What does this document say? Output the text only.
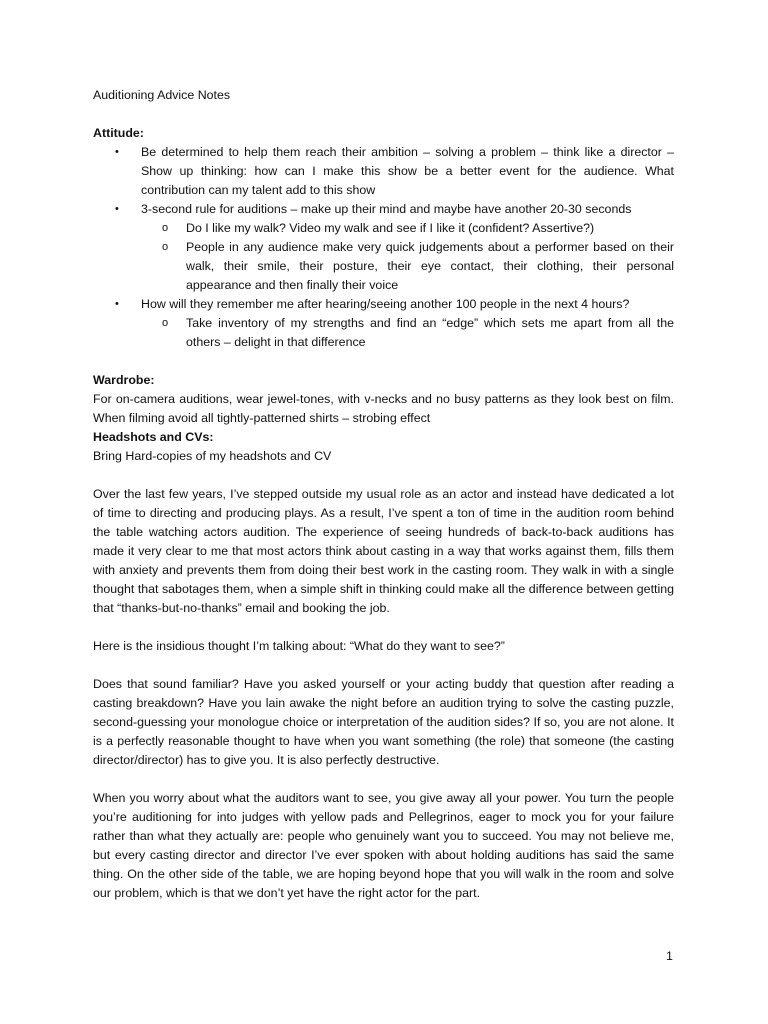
Auditioning Advice Notes

Attitude:

• Be determined to help them reach their ambition – solving a problem – think like a director – Show up thinking: how can I make this show be a better event for the audience. What contribution can my talent add to this show
• 3-second rule for auditions – make up their mind and maybe have another 20-30 seconds
o Do I like my walk? Video my walk and see if I like it (confident? Assertive?)
o People in any audience make very quick judgements about a performer based on their walk, their smile, their posture, their eye contact, their clothing, their personal appearance and then finally their voice
• How will they remember me after hearing/seeing another 100 people in the next 4 hours?
o Take inventory of my strengths and find an “edge” which sets me apart from all the others – delight in that difference

Wardrobe:

For on-camera auditions, wear jewel-tones, with v-necks and no busy patterns as they look best on film. When filming avoid all tightly-patterned shirts – strobing effect

Headshots and CVs:

Bring Hard-copies of my headshots and CV

Over the last few years, I’ve stepped outside my usual role as an actor and instead have dedicated a lot of time to directing and producing plays. As a result, I’ve spent a ton of time in the audition room behind the table watching actors audition. The experience of seeing hundreds of back-to-back auditions has made it very clear to me that most actors think about casting in a way that works against them, fills them with anxiety and prevents them from doing their best work in the casting room. They walk in with a single thought that sabotages them, when a simple shift in thinking could make all the difference between getting that “thanks-but-no-thanks” email and booking the job.

Here is the insidious thought I’m talking about: “What do they want to see?”

Does that sound familiar? Have you asked yourself or your acting buddy that question after reading a casting breakdown? Have you lain awake the night before an audition trying to solve the casting puzzle, second-guessing your monologue choice or interpretation of the audition sides? If so, you are not alone. It is a perfectly reasonable thought to have when you want something (the role) that someone (the casting director/director) has to give you. It is also perfectly destructive.

When you worry about what the auditors want to see, you give away all your power. You turn the people you’re auditioning for into judges with yellow pads and Pellegrinos, eager to mock you for your failure rather than what they actually are: people who genuinely want you to succeed. You may not believe me, but every casting director and director I’ve ever spoken with about holding auditions has said the same thing. On the other side of the table, we are hoping beyond hope that you will walk in the room and solve our problem, which is that we don’t yet have the right actor for the part.

1
